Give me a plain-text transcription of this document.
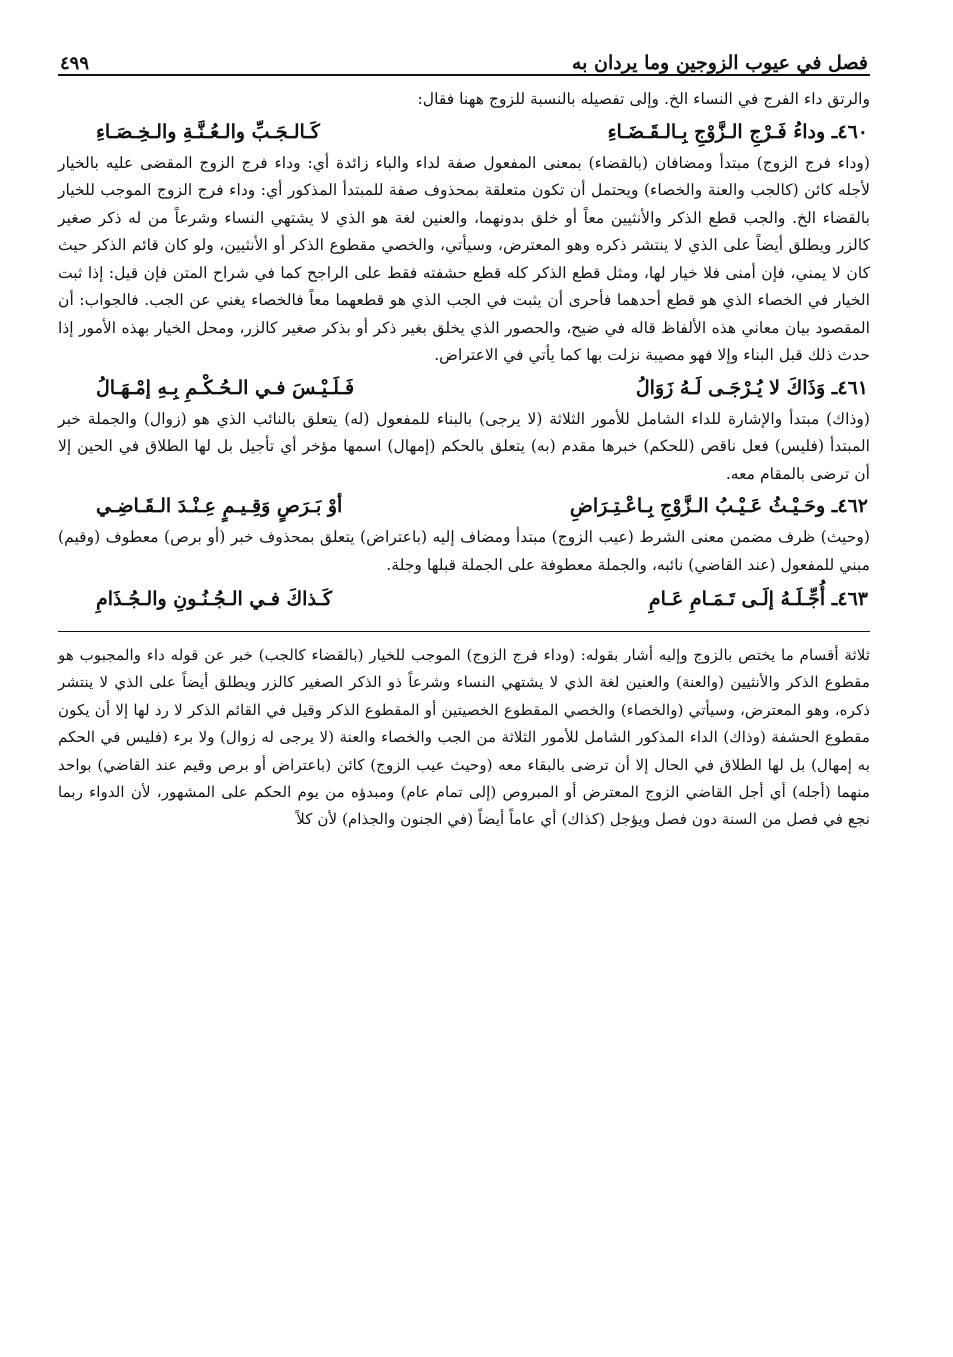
فصل في عيوب الزوجين وما يردان به
٤٩٩

والرتق داء الفرج في النساء الخ. وإلى تفصيله بالنسبة للزوج ههنا فقال:

٤٦٠ـ وداءُ فَـرْجِ الـزَّوْجِ بِـالـقَـضَـاءِ
كَـالـجَـبِّ والـعُـنَّـةِ والـخِـصَـاءِ

(وداء فرج الزوج) مبتدأ ومضافان (بالقضاء) بمعنى المفعول صفة لداء والباء زائدة أي: وداء فرج الزوج المقضى عليه بالخيار لأجله كائن (كالجب والعنة والخصاء) ويحتمل أن تكون متعلقة بمحذوف صفة للمبتدأ المذكور أي: وداء فرج الزوج الموجب للخيار بالقضاء الخ. والجب قطع الذكر والأنثيين معاً أو خلق بدونهما، والعنين لغة هو الذي لا يشتهي النساء وشرعاً من له ذكر صغير كالزر ويطلق أيضاً على الذي لا ينتشر ذكره وهو المعترض، وسيأتي، والخصي مقطوع الذكر أو الأنثيين، ولو كان قائم الذكر حيث كان لا يمني، فإن أمنى فلا خيار لها، ومثل قطع الذكر كله قطع حشفته فقط على الراجح كما في شراح المتن فإن قيل: إذا ثبت الخيار في الخصاء الذي هو قطع أحدهما فأحرى أن يثبت في الجب الذي هو قطعهما معاً فالخصاء يغني عن الجب. فالجواب: أن المقصود بيان معاني هذه الألفاظ قاله في ضيح، والحصور الذي يخلق بغير ذكر أو بذكر صغير كالزر، ومحل الخيار بهذه الأمور إذا حدث ذلك قبل البناء وإلا فهو مصيبة نزلت بها كما يأتي في الاعتراض.

٤٦١ـ وَذَاكَ لا يُـرْجَـى لَـهُ زَوَالُ
فَـلَـيْـسَ فـي الـحُـكْـمِ بِـهِ إمْـهَـالُ

(وذاك) مبتدأ والإشارة للداء الشامل للأمور الثلاثة (لا يرجى) بالبناء للمفعول (له) يتعلق بالنائب الذي هو (زوال) والجملة خبر المبتدأ (فليس) فعل ناقص (للحكم) خبرها مقدم (به) يتعلق بالحكم (إمهال) اسمها مؤخر أي تأجيل بل لها الطلاق في الحين إلا أن ترضى بالمقام معه.

٤٦٢ـ وحَـيْـثُ عَـيْـبُ الـزَّوْجِ بِـاعْـتِـرَاضِ
أوْ بَـرَصٍ وَقِـيـمٍ عِـنْـدَ الـقَـاضِـي

(وحيث) ظرف مضمن معنى الشرط (عيب الزوج) مبتدأ ومضاف إليه (باعتراض) يتعلق بمحذوف خبر (أو برص) معطوف (وقيم) مبني للمفعول (عند القاضي) نائبه، والجملة معطوفة على الجملة قبلها وجلة.

٤٦٣ـ أُجِّـلَـهُ إلَـى تَـمَـامِ عَـامِ
كَـذاكَ فـي الـجُـنُـونِ والـجُـذَامِ

ثلاثة أقسام ما يختص بالزوج وإليه أشار بقوله: (وداء فرج الزوج) الموجب للخيار (بالقضاء كالجب) خبر عن قوله داء والمجبوب هو مقطوع الذكر والأنثيين (والعنة) والعنين لغة الذي لا يشتهي النساء وشرعاً ذو الذكر الصغير كالزر ويطلق أيضاً على الذي لا ينتشر ذكره، وهو المعترض، وسيأتي (والخصاء) والخصي المقطوع الخصيتين أو المقطوع الذكر وقيل في القائم الذكر لا رد لها إلا أن يكون مقطوع الحشفة (وذاك) الداء المذكور الشامل للأمور الثلاثة من الجب والخصاء والعنة (لا يرجى له زوال) ولا برء (فليس في الحكم به إمهال) بل لها الطلاق في الحال إلا أن ترضى بالبقاء معه (وحيث عيب الزوج) كائن (باعتراض أو برص وقيم عند القاضي) بواحد منهما (أجله) أي أجل القاضي الزوج المعترض أو المبروص (إلى تمام عام) ومبدؤه من يوم الحكم على المشهور، لأن الدواء ربما نجع في فصل من السنة دون فصل ويؤجل (كذاك) أي عاماً أيضاً (في الجنون والجذام) لأن كلاً
